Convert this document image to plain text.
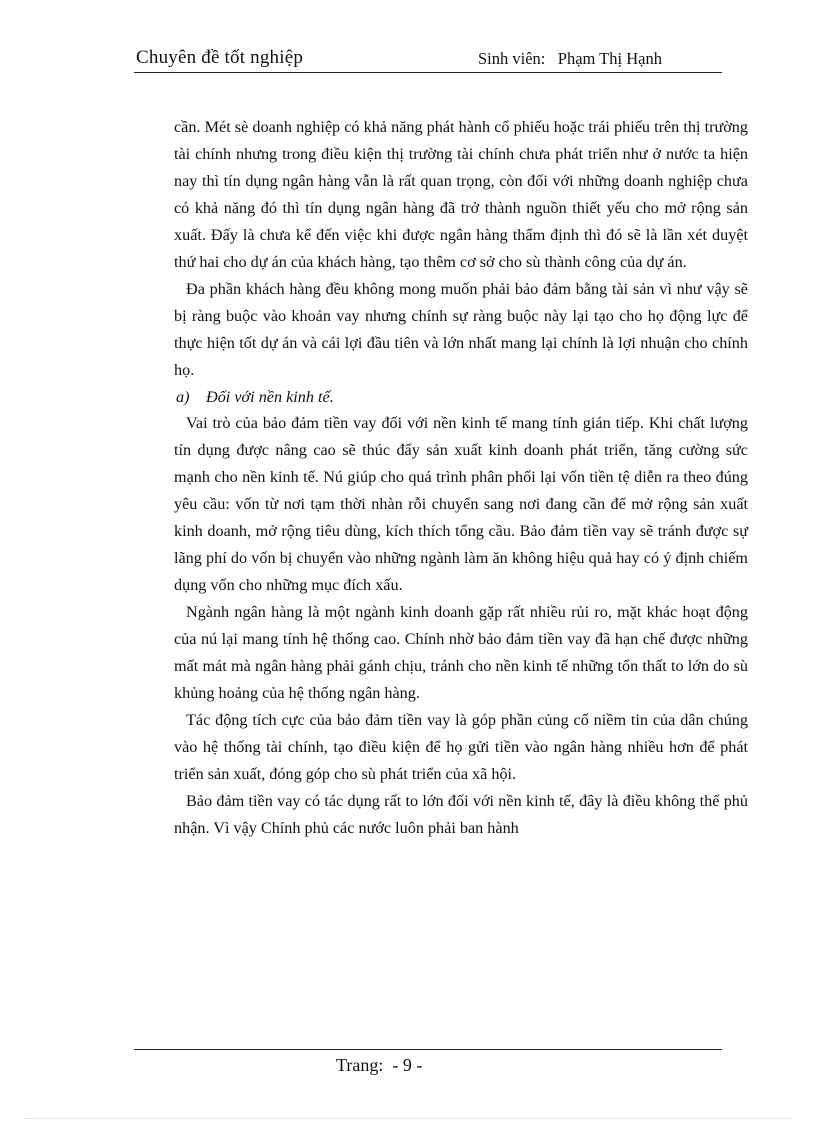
Chuyên đề tốt nghiệp	Sinh viên: Phạm Thị Hạnh

cần. Mét sè doanh nghiệp có khả năng phát hành cổ phiếu hoặc trái phiếu trên thị trường tài chính nhưng trong điều kiện thị trường tài chính chưa phát triển như ở nước ta hiện nay thì tín dụng ngân hàng vẫn là rất quan trọng, còn đối với những doanh nghiệp chưa có khả năng đó thì tín dụng ngân hàng đã trở thành nguồn thiết yếu cho mở rộng sản xuất. Đấy là chưa kể đến việc khi được ngân hàng thẩm định thì đó sẽ là lần xét duyệt thứ hai cho dự án của khách hàng, tạo thêm cơ sở cho sù thành công của dự án.

Đa phần khách hàng đều không mong muốn phải bảo đảm bằng tài sản vì như vậy sẽ bị ràng buộc vào khoản vay nhưng chính sự ràng buộc này lại tạo cho họ động lực để thực hiện tốt dự án và cái lợi đầu tiên và lớn nhất mang lại chính là lợi nhuận cho chính họ.

a) Đối với nền kinh tế.

Vai trò của bảo đảm tiền vay đối với nền kinh tế mang tính gián tiếp. Khi chất lượng tín dụng được nâng cao sẽ thúc đẩy sản xuất kinh doanh phát triển, tăng cường sức mạnh cho nền kinh tế. Nú giúp cho quá trình phân phối lại vốn tiền tệ diễn ra theo đúng yêu cầu: vốn từ nơi tạm thời nhàn rỗi chuyển sang nơi đang cần để mở rộng sản xuất kinh doanh, mở rộng tiêu dùng, kích thích tổng cầu. Bảo đảm tiền vay sẽ tránh được sự lãng phí do vốn bị chuyển vào những ngành làm ăn không hiệu quả hay có ý định chiếm dụng vốn cho những mục đích xấu.

Ngành ngân hàng là một ngành kinh doanh gặp rất nhiều rủi ro, mặt khác hoạt động của nú lại mang tính hệ thống cao. Chính nhờ bảo đảm tiền vay đã hạn chế được những mất mát mà ngân hàng phải gánh chịu, tránh cho nền kinh tế những tổn thất to lớn do sù khủng hoảng của hệ thống ngân hàng.

Tác động tích cực của bảo đảm tiền vay là góp phần củng cố niềm tin của dân chúng vào hệ thống tài chính, tạo điều kiện để họ gửi tiền vào ngân hàng nhiều hơn để phát triển sản xuất, đóng góp cho sù phát triển của xã hội.

Bảo đảm tiền vay có tác dụng rất to lớn đối với nền kinh tế, đây là điều không thể phủ nhận. Vì vậy Chính phủ các nước luôn phải ban hành

Trang: - 9 -
